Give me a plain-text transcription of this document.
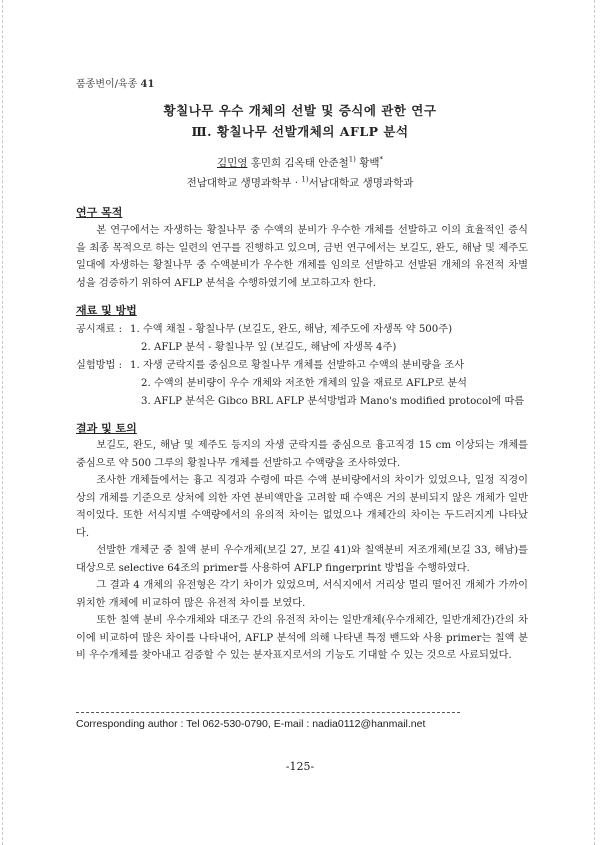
품종변이/육종 41
황칠나무 우수 개체의 선발 및 증식에 관한 연구
Ⅲ. 황칠나무 선발개체의 AFLP 분석
김민영 홍민희 김옥태 안준철$^{1)}$ 황백*
전남대학교 생명과학부 · $^{1)}$서남대학교 생명과학과
연구 목적

본 연구에서는 자생하는 황칠나무 중 수액의 분비가 우수한 개체를 선발하고 이의 효율적인 증식을 최종 목적으로 하는 일련의 연구를 진행하고 있으며, 금번 연구에서는 보길도, 완도, 해남 및 제주도 일대에 자생하는 황칠나무 중 수액분비가 우수한 개체를 임의로 선발하고 선발된 개체의 유전적 차별성을 검증하기 위하여 AFLP 분석을 수행하였기에 보고하고자 한다.

재료 및 방법
공시재료 : 1. 수액 채칠 - 황칠나무 (보길도, 완도, 해남, 제주도에 자생목 약 500주)
2. AFLP 분석 - 황칠나무 잎 (보길도, 해남에 자생목 4주)
실험방법 : 1. 자생 군락지를 중심으로 황칠나무 개체를 선발하고 수액의 분비량을 조사
2. 수액의 분비량이 우수 개체와 저조한 개체의 잎을 재료로 AFLP로 분석
3. AFLP 분석은 Gibco BRL AFLP 분석방법과 Mano's modified protocol에 따름
결과 및 토의

보길도, 완도, 해남 및 제주도 등지의 자생 군락지를 중심으로 흉고직경 15 cm 이상되는 개체를 중심으로 약 500 그루의 황칠나무 개체를 선발하고 수액량을 조사하였다.

조사한 개체들에서는 흉고 직경과 수령에 따른 수액 분비량에서의 차이가 있었으나, 일정 직경이상의 개체를 기준으로 상처에 의한 자연 분비액만을 고려할 때 수액은 거의 분비되지 않은 개체가 일반적이었다. 또한 서식지별 수액량에서의 유의적 차이는 없었으나 개체간의 차이는 두드러지게 나타났다.

선발한 개체군 중 칠액 분비 우수개체(보길 27, 보길 41)와 칠액분비 저조개체(보길 33, 해남)를 대상으로 selective 64조의 primer를 사용하여 AFLP fingerprint 방법을 수행하였다.

그 결과 4 개체의 유전형은 각기 차이가 있었으며, 서식지에서 거리상 멀리 떨어진 개체가 가까이 위치한 개체에 비교하여 많은 유전적 차이를 보였다.

또한 칠액 분비 우수개체와 대조구 간의 유전적 차이는 일반개체(우수개체간, 일반개체간)간의 차이에 비교하여 많은 차이를 나타내어, AFLP 분석에 의해 나타낸 특정 밴드와 사용 primer는 칠액 분비 우수개체를 찾아내고 검증할 수 있는 분자표지로서의 기능도 기대할 수 있는 것으로 사료되었다.

Corresponding author : Tel 062-530-0790, E-mail : nadia0112@hanmail.net
-125-
